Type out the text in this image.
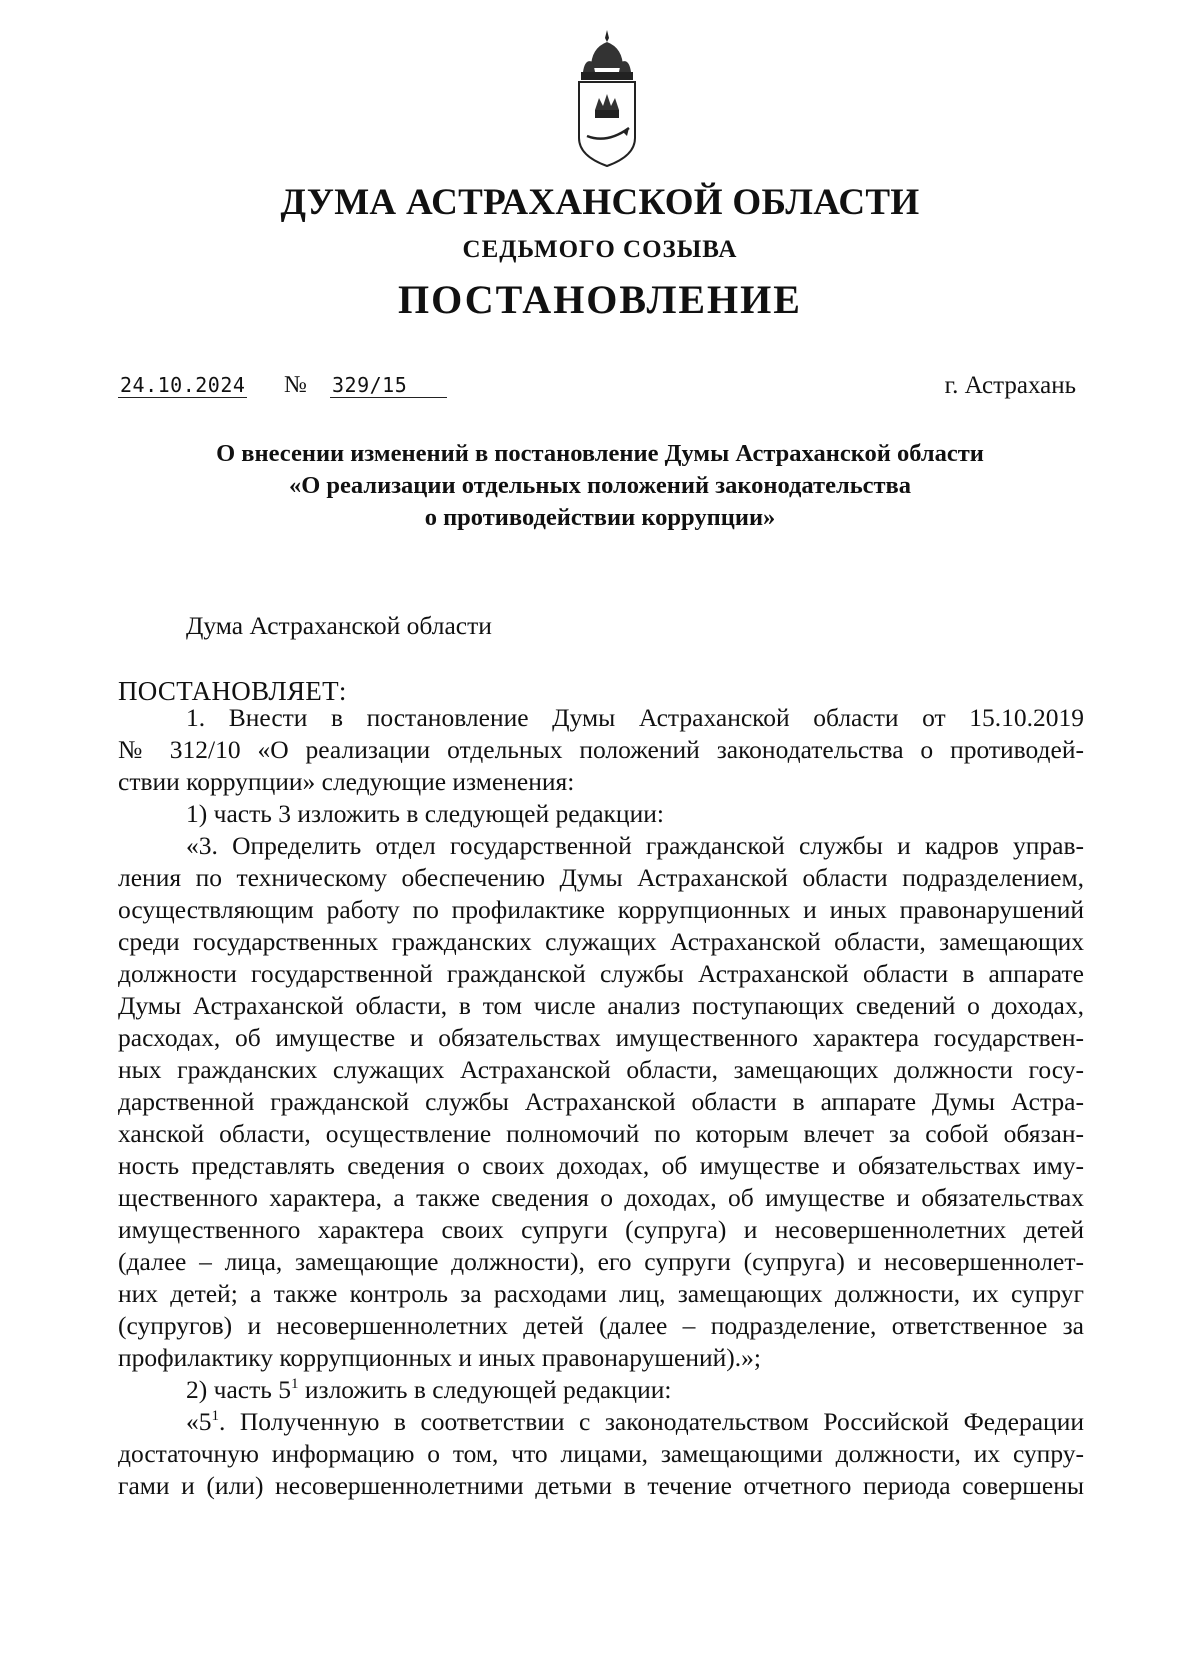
ДУМА АСТРАХАНСКОЙ ОБЛАСТИ
СЕДЬМОГО СОЗЫВА
ПОСТАНОВЛЕНИЕ
24.10.2024 № 329/15	г. Астрахань
О внесении изменений в постановление Думы Астраханской области
«О реализации отдельных положений законодательства
о противодействии коррупции»
Дума Астраханской области
ПОСТАНОВЛЯЕТ:
1. Внести в постановление Думы Астраханской области от 15.10.2019
№ 312/10 «О реализации отдельных положений законодательства о противодей-
ствии коррупции» следующие изменения:
1) часть 3 изложить в следующей редакции:
«3. Определить отдел государственной гражданской службы и кадров управ-
ления по техническому обеспечению Думы Астраханской области подразделением,
осуществляющим работу по профилактике коррупционных и иных правонарушений
среди государственных гражданских служащих Астраханской области, замещающих
должности государственной гражданской службы Астраханской области в аппарате
Думы Астраханской области, в том числе анализ поступающих сведений о доходах,
расходах, об имуществе и обязательствах имущественного характера государствен-
ных гражданских служащих Астраханской области, замещающих должности госу-
дарственной гражданской службы Астраханской области в аппарате Думы Астра-
ханской области, осуществление полномочий по которым влечет за собой обязан-
ность представлять сведения о своих доходах, об имуществе и обязательствах иму-
щественного характера, а также сведения о доходах, об имуществе и обязательствах
имущественного характера своих супруги (супруга) и несовершеннолетних детей
(далее – лица, замещающие должности), его супруги (супруга) и несовершеннолет-
них детей; а также контроль за расходами лиц, замещающих должности, их супруг
(супругов) и несовершеннолетних детей (далее – подразделение, ответственное за
профилактику коррупционных и иных правонарушений).»;
2) часть $5^1$ изложить в следующей редакции:
«$5^1$. Полученную в соответствии с законодательством Российской Федерации
достаточную информацию о том, что лицами, замещающими должности, их супру-
гами и (или) несовершеннолетними детьми в течение отчетного периода совершены
